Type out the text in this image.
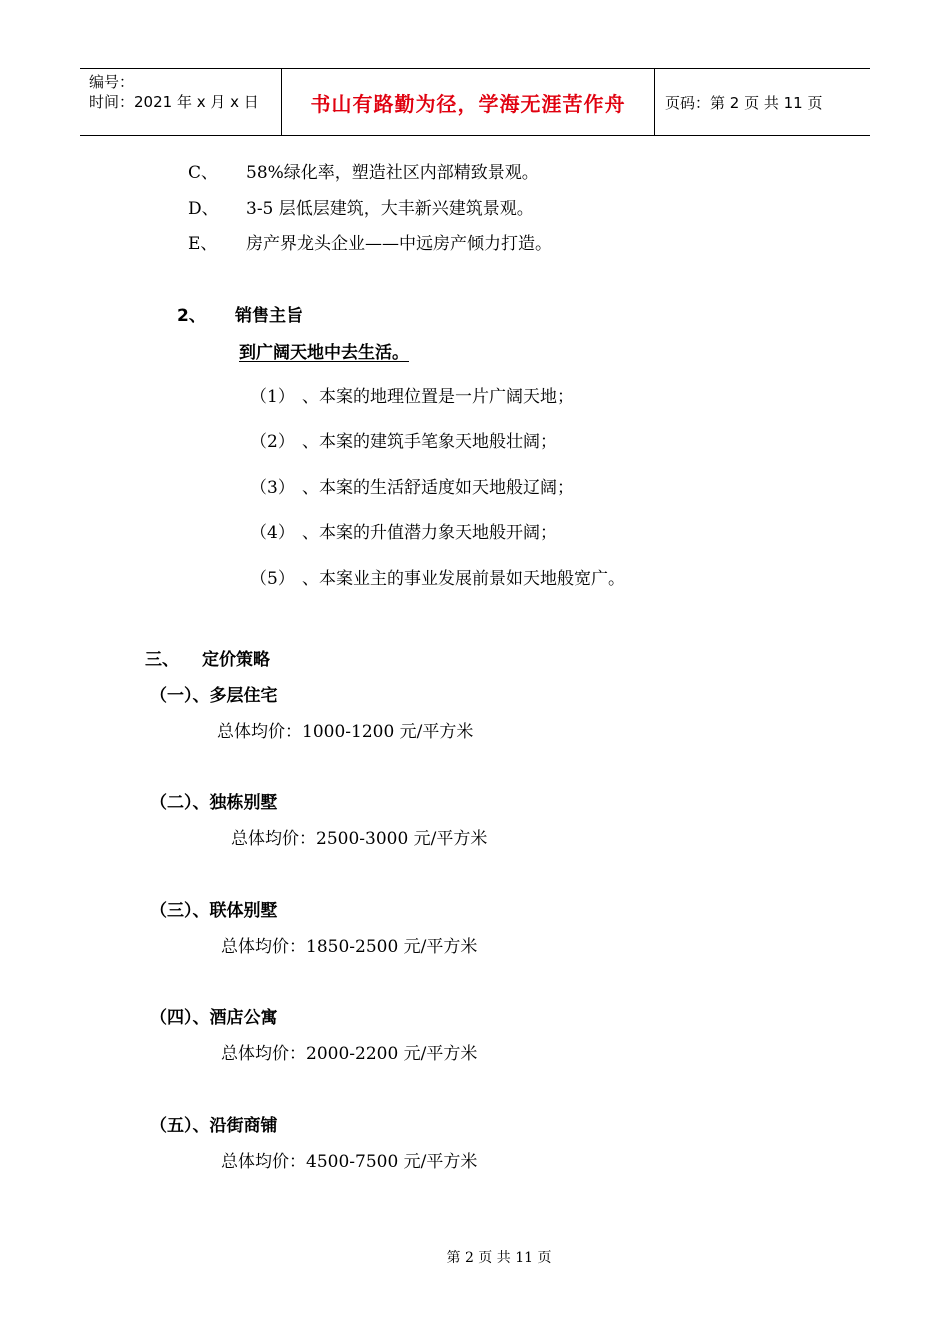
编号：
时间：2021 年 x 月 x 日	书山有路勤为径，学海无涯苦作舟	页码：第 2 页 共 11 页
C、 58%绿化率，塑造社区内部精致景观。
D、 3-5 层低层建筑，大丰新兴建筑景观。
E、 房产界龙头企业——中远房产倾力打造。
2、 销售主旨
到广阔天地中去生活。
（1） 、本案的地理位置是一片广阔天地；
（2） 、本案的建筑手笔象天地般壮阔；
（3） 、本案的生活舒适度如天地般辽阔；
（4） 、本案的升值潜力象天地般开阔；
（5） 、本案业主的事业发展前景如天地般宽广。
三、 定价策略
（一）、多层住宅
总体均价：1000-1200 元/平方米
（二）、独栋别墅
总体均价：2500-3000 元/平方米
（三）、联体别墅
总体均价：1850-2500 元/平方米
（四）、酒店公寓
总体均价：2000-2200 元/平方米
（五）、沿街商铺
总体均价：4500-7500 元/平方米
第 2 页 共 11 页
